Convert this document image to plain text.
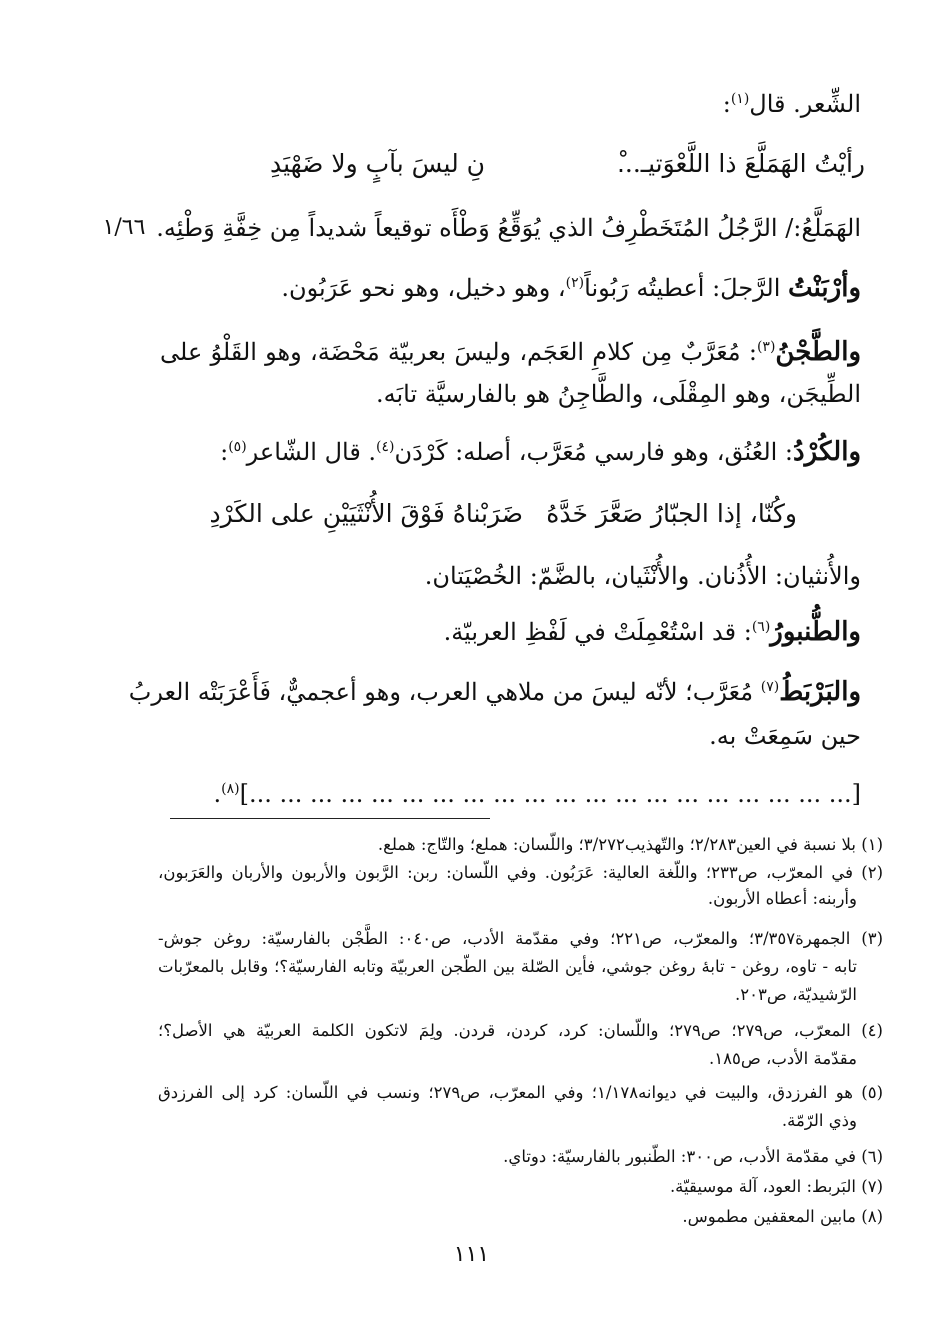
الشِّعر. قال$^{(١)}$:
رأيْتُ الهَمَلَّعَ ذا اللَّعْوَتيـ...ْ
نِ ليسَ بآبٍ ولا ضَهْيَدِ
الهَمَلَّعُ:/ الرَّجُلُ المُتَخَطْرِفُ الذي يُوَقِّعُ وَطْأَه توقيعاً شديداً مِن خِفَّةِ وَطْئِه.
١/٦٦
وأرْبَنْتُ الرَّجلَ: أعطيتُه رَبُوناً$^{(٢)}$، وهو دخيل، وهو نحو عَرَبُون.
والطَّجْنُ$^{(٣)}$: مُعَرَّبٌ مِن كلامِ العَجَم، وليسَ بعربيّة مَحْضَة، وهو القَلْوُ على
الطِّيجَن، وهو المِقْلَى، والطَّاجِنُ هو بالفارسيَّة تابَه.
والكُرْدُ: العُنُق، وهو فارسي مُعَرَّب، أصله: كَرْدَن$^{(٤)}$. قال الشّاعر$^{(٥)}$:
وكُنّا، إذا الجبّارُ صَعَّرَ خَدَّهُ
ضَرَبْناهُ فَوْقَ الأُنْثَيَيْنِ على الكَرْدِ
والأُنثيان: الأُذُنان. والأُنْثَيان، بالضَّمّ: الخُصْيَتان.
والطُّنبورُ$^{(٦)}$: قد اسْتُعْمِلَتْ في لَفْظِ العربيّة.
والبَرْبَطُ$^{(٧)}$ مُعَرَّب؛ لأنّه ليسَ من ملاهي العرب، وهو أعجميٌّ، فَأَعْرَبَتْه العربُ
حين سَمِعَتْ به.
[... ... ... ... ... ... ... ... ... ... ... ... ... ... ... ... ... ... ... ...]$^{(٨)}$.
(١) بلا نسبة في العين٢/٢٨٣؛ والتّهذيب٣/٢٧٢؛ واللّسان: هملع؛ والتّاج: هملع.
(٢) في المعرّب، ص٢٣٣؛ واللّغة العالية: عَرَبُون. وفي اللّسان: ربن: الرَّبون والأربون والأربان والعَرَبون،
وأربنه: أعطاه الأربون.
(٣) الجمهرة٣/٣٥٧؛ والمعرّب، ص٢٢١؛ وفي مقدّمة الأدب، ص٠٤٠: الطَّجْن بالفارسيّة: روغن جوش-
تابه - تاوه، روغن - تابهٔ روغن جوشي، فأين الصّلة بين الطّجن العربيّة وتابه الفارسيّة؟؛ وقابل بالمعرّبات
الرّشيديّة، ص٢٠٣.
(٤) المعرّب، ص٢٧٩؛ ص٢٧٩؛ واللّسان: كرد، كردن، قردن. ولِمَ لاتكون الكلمة العربيّة هي الأصل؟؛
مقدّمة الأدب، ص١٨٥.
(٥) هو الفرزدق، والبيت في ديوانه١/١٧٨؛ وفي المعرّب، ص٢٧٩؛ ونسب في اللّسان: كرد إلى الفرزدق
وذي الرّمّة.
(٦) في مقدّمة الأدب، ص٣٠٠: الطّنبور بالفارسيّة: دوتاي.
(٧) البَربط: العود، آلة موسيقيّة.
(٨) مابين المعقفين مطموس.
١١١
